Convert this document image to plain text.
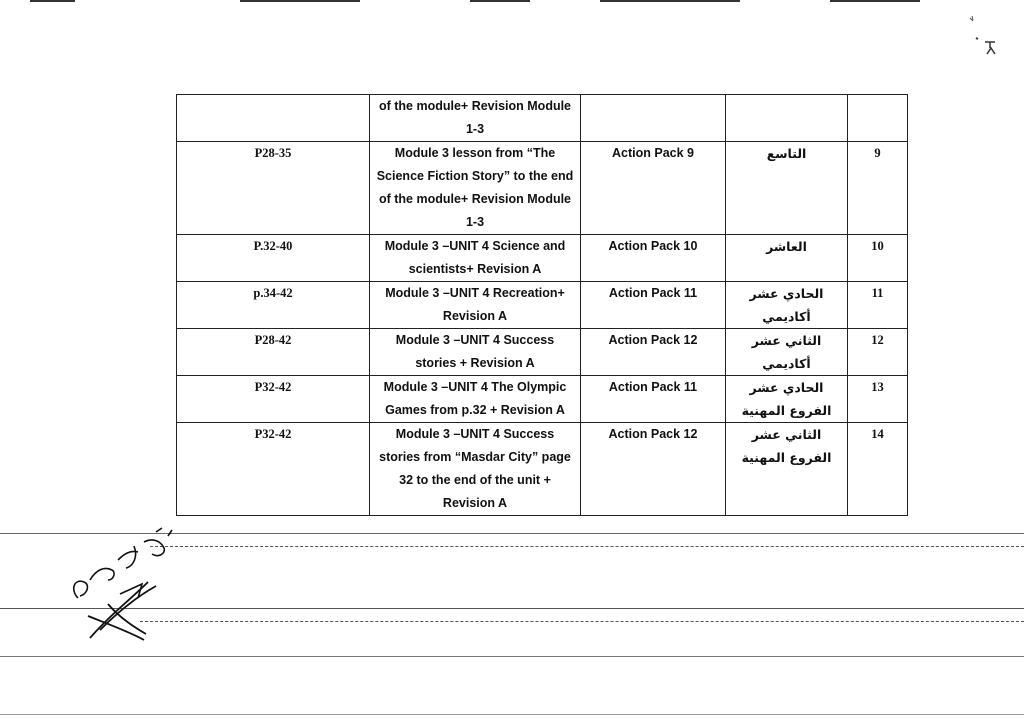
	of the module+ Revision Module 1-3			
P28-35	Module 3 lesson from “The Science Fiction Story” to the end of the module+ Revision Module 1-3	Action Pack 9	التاسع	9
P.32-40	Module 3 –UNIT 4 Science and scientists+ Revision A	Action Pack 10	العاشر	10
p.34-42	Module 3 –UNIT 4 Recreation+ Revision A	Action Pack 11	الحادي عشر أكاديمي	11
P28-42	Module 3 –UNIT 4 Success stories + Revision A	Action Pack 12	الثاني عشر أكاديمي	12
P32-42	Module 3 –UNIT 4 The Olympic Games from p.32 + Revision A	Action Pack 11	الحادي عشر الفروع المهنية	13
P32-42	Module 3 –UNIT 4 Success stories from “Masdar City” page 32 to the end of the unit + Revision A	Action Pack 12	الثاني عشر الفروع المهنية	14
